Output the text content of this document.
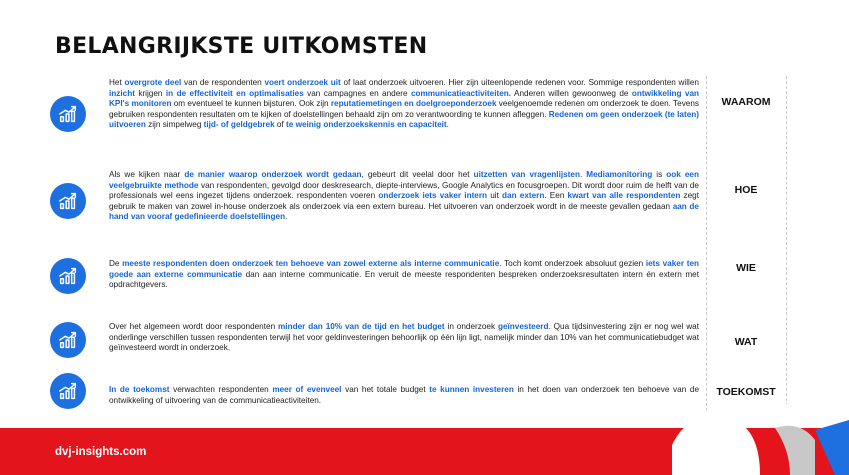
BELANGRIJKSTE UITKOMSTEN
Het overgrote deel van de respondenten voert onderzoek uit of laat onderzoek uitvoeren. Hier zijn uiteenlopende redenen voor. Sommige respondenten willen inzicht krijgen in de effectiviteit en optimalisaties van campagnes en andere communicatieactiviteiten. Anderen willen gewoonweg de ontwikkeling van KPI's monitoren om eventueel te kunnen bijsturen. Ook zijn reputatiemetingen en doelgroeponderzoek veelgenoemde redenen om onderzoek te doen. Tevens gebruiken respondenten resultaten om te kijken of doelstellingen behaald zijn om zo verantwoording te kunnen afleggen. Redenen om geen onderzoek (te laten) uitvoeren zijn simpelweg tijd- of geldgebrek of te weinig onderzoekskennis en capaciteit.
WAAROM
Als we kijken naar de manier waarop onderzoek wordt gedaan, gebeurt dit veelal door het uitzetten van vragenlijsten. Mediamonitoring is ook een veelgebruikte methode van respondenten, gevolgd door deskresearch, diepte-interviews, Google Analytics en focusgroepen. Dit wordt door ruim de helft van de professionals wel eens ingezet tijdens onderzoek. respondenten voeren onderzoek iets vaker intern uit dan extern. Een kwart van alle respondenten zegt gebruik te maken van zowel in-house onderzoek als onderzoek via een extern bureau. Het uitvoeren van onderzoek wordt in de meeste gevallen gedaan aan de hand van vooraf gedefinieerde doelstellingen.
HOE
De meeste respondenten doen onderzoek ten behoeve van zowel externe als interne communicatie. Toch komt onderzoek absoluut gezien iets vaker ten goede aan externe communicatie dan aan interne communicatie. En veruit de meeste respondenten bespreken onderzoeksresultaten intern én extern met opdrachtgevers.
WIE
Over het algemeen wordt door respondenten minder dan 10% van de tijd en het budget in onderzoek geïnvesteerd. Qua tijdsinvestering zijn er nog wel wat onderlinge verschillen tussen respondenten terwijl het voor geldinvesteringen behoorlijk op één lijn ligt, namelijk minder dan 10% van het communicatiebudget wat geïnvesteerd wordt in onderzoek.	WAT
In de toekomst verwachten respondenten meer of evenveel van het totale budget te kunnen investeren in het doen van onderzoek ten behoeve van de ontwikkeling of uitvoering van de communicatieactiviteiten.
TOEKOMST
dvj-insights.com
